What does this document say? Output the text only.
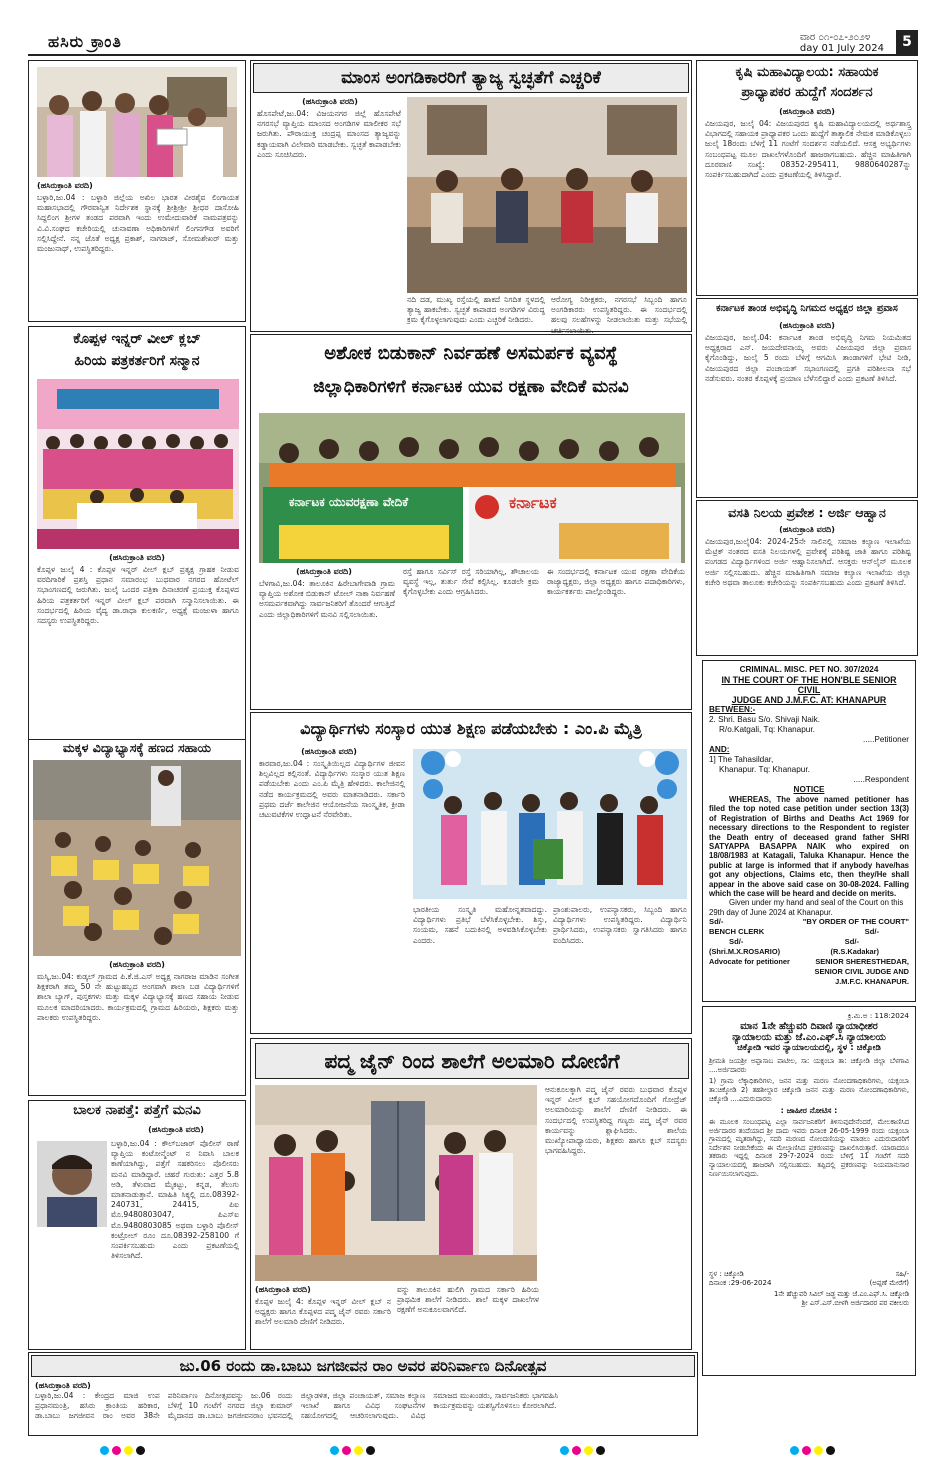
ಹಸಿರು ಕ್ರಾಂತಿ	ವಾರ ೦೧-೦೭-೨೦೨೪
day 01 July 2024	5
(ಹಸಿರುಕ್ರಾಂತಿ ವರದಿ)
ಬಳ್ಳಾರಿ,ಜು.04 : ಬಳ್ಳಾರಿ ಜಿಲ್ಲೆಯ ಅಖಿಲ ಭಾರತ ವೀರಶೈವ ಲಿಂಗಾಯತ ಮಹಾಸಭಾದಲ್ಲಿ ಗೌರವಾನ್ವಿತ ನಿರ್ದೇಶಕ ಸ್ಥಾನಕ್ಕೆ ಶ್ರೀಶ್ರೀಶ್ರೀ ಶ್ರೀಧರ ದಾಸೋಹಿ ಸಿದ್ದಲಿಂಗ ಶ್ರೀಗಳ ತಂಡದ ಪರವಾಗಿ ಇಂದು ಉಮೇದುವಾರಿಕೆ ನಾಮಪತ್ರವನ್ನು ವಿ.ವಿ.ಸಂಘದ ಕಚೇರಿಯಲ್ಲಿ ಚುನಾವಣಾ ಅಧಿಕಾರಿಗಳಿಗೆ ಲಿಂಗನಗೌಡ ಅವರಿಗೆ ಸಲ್ಲಿಸಿದ್ದೇನೆ. ನನ್ನ ಜೊತೆ ಅಧ್ಯಕ್ಷ ಪ್ರಕಾಶ್, ನಾಗರಾಜ್, ಸೋಮಶೇಖರ್ ಮತ್ತು ಮಂಜುನಾಥ್, ಉಪಸ್ಥಿತರಿದ್ದರು.
ಕೊಪ್ಪಳ ಇನ್ನರ್ ವೀಲ್ ಕ್ಲಬ್
ಹಿರಿಯ ಪತ್ರಕರ್ತರಿಗೆ ಸನ್ಮಾನ
(ಹಸಿರುಕ್ರಾಂತಿ ವರದಿ)
ಕೊಪ್ಪಳ ಜುಲೈ 4 : ಕೊಪ್ಪಳ ಇನ್ನರ್ ವೀಲ್ ಕ್ಲಬ್ ಪ್ರತ್ಯಕ್ಷ ಗ್ರಾಹಕ ನೀಡುವ ವರದಿಗಾರಿಕೆ ಪ್ರಶಸ್ತಿ ಪ್ರಧಾನ ಸಮಾರಂಭ ಬುಧವಾರ ನಗರದ ಹೋಟೆಲ್ ಸಭಾಂಗಣದಲ್ಲಿ ಜರುಗಿತು. ಜುಲೈ ಒಂದರ ಪತ್ರಿಕಾ ದಿನಾಚರಣೆ ಪ್ರಯುಕ್ತ ಕೊಪ್ಪಳದ ಹಿರಿಯ ಪತ್ರಕರ್ತರಿಗೆ ಇನ್ನರ್ ವೀಲ್ ಕ್ಲಬ್ ಪರವಾಗಿ ಸನ್ಮಾನಿಸಲಾಯಿತು. ಈ ಸಂದರ್ಭದಲ್ಲಿ ಹಿರಿಯ ವೈದ್ಯ ಡಾ.ರಾಧಾ ಕುಲಕರ್ಣಿ, ಅಧ್ಯಕ್ಷೆ ಮಂಜುಳಾ ಹಾಗೂ ಸದಸ್ಯರು ಉಪಸ್ಥಿತರಿದ್ದರು.
ಮಕ್ಕಳ ವಿದ್ಯಾಭ್ಯಾಸಕ್ಕೆ ಹಣದ ಸಹಾಯ
(ಹಸಿರುಕ್ರಾಂತಿ ವರದಿ)
ಮಸ್ಕಿ,ಜು.04: ಕುಡ್ಕಲ್ ಗ್ರಾಮದ ಪಿ.ಕೆ.ಜಿ.ಎಸ್ ಅಧ್ಯಕ್ಷ ನಾಗರಾಜ ಮಾಡಿನ ಸಂಗೀತ ಶಿಕ್ಷಕರಾಗಿ ತಮ್ಮ 50 ನೇ ಹುಟ್ಟುಹಬ್ಬದ ಅಂಗವಾಗಿ ಶಾಲಾ ಬಡ ವಿದ್ಯಾರ್ಥಿಗಳಿಗೆ ಶಾಲಾ ಬ್ಯಾಗ್, ಪುಸ್ತಕಗಳು ಮತ್ತು ಮಕ್ಕಳ ವಿದ್ಯಾಭ್ಯಾಸಕ್ಕೆ ಹಣದ ಸಹಾಯ ನೀಡುವ ಮೂಲಕ ಮಾದರಿಯಾದರು. ಕಾರ್ಯಕ್ರಮದಲ್ಲಿ ಗ್ರಾಮದ ಹಿರಿಯರು, ಶಿಕ್ಷಕರು ಮತ್ತು ಪಾಲಕರು ಉಪಸ್ಥಿತರಿದ್ದರು.
ಬಾಲಕ ನಾಪತ್ತೆ: ಪತ್ತೆಗೆ ಮನವಿ
(ಹಸಿರುಕ್ರಾಂತಿ ವರದಿ)
ಬಳ್ಳಾರಿ,ಜು.04 : ಕೌಲ್‌ಬಜಾರ್ ಪೊಲೀಸ್ ಠಾಣೆ ವ್ಯಾಪ್ತಿಯ ಕಂಟೋನ್ಮೆಂಟ್ ನ ನಿವಾಸಿ ಬಾಲಕ ಕಾಣೆಯಾಗಿದ್ದು, ಪತ್ತೆಗೆ ಸಹಕರಿಸಲು ಪೊಲೀಸರು ಮನವಿ ಮಾಡಿದ್ದಾರೆ. ಚಹರೆ ಗುರುತು: ಎತ್ತರ 5.8 ಅಡಿ, ತೆಳುವಾದ ಮೈಕಟ್ಟು, ಕನ್ನಡ, ತೆಲುಗು ಮಾತನಾಡುತ್ತಾನೆ. ಮಾಹಿತಿ ಸಿಕ್ಕಲ್ಲಿ ದೂ.08392-240731, 24415, ಪಿಐ ಮೊ.9480803047, ಪಿಎಸ್ಐ ಮೊ.9480803085 ಅಥವಾ ಬಳ್ಳಾರಿ ಪೊಲೀಸ್ ಕಂಟ್ರೋಲ್ ರೂಂ ದೂ.08392-258100 ಗೆ ಸಂಪರ್ಕಿಸಬಹುದು ಎಂದು ಪ್ರಕಟಣೆಯಲ್ಲಿ ತಿಳಿಸಲಾಗಿದೆ.
ಮಾಂಸ ಅಂಗಡಿಕಾರರಿಗೆ ತ್ಯಾಜ್ಯ ಸ್ವಚ್ಛತೆಗೆ ಎಚ್ಚರಿಕೆ
(ಹಸಿರುಕ್ರಾಂತಿ ವರದಿ)
ಹೊಸಪೇಟೆ,ಜು.04: ವಿಜಯನಗರ ಜಿಲ್ಲೆ ಹೊಸಪೇಟೆ ನಗರಸಭೆ ವ್ಯಾಪ್ತಿಯ ಮಾಂಸದ ಅಂಗಡಿಗಳ ಮಾಲೀಕರ ಸಭೆ ಜರುಗಿತು. ಪೌರಾಯುಕ್ತ ಚಂದ್ರಪ್ಪ ಮಾಂಸದ ತ್ಯಾಜ್ಯವನ್ನು ಕಡ್ಡಾಯವಾಗಿ ವಿಲೇವಾರಿ ಮಾಡಬೇಕು. ಸ್ವಚ್ಛತೆ ಕಾಪಾಡಬೇಕು ಎಂದು ಸೂಚಿಸಿದರು.
ನದಿ ದಡ, ಮುಖ್ಯ ರಸ್ತೆಯಲ್ಲಿ ಹಾಕದೆ ನಿಗದಿತ ಸ್ಥಳದಲ್ಲಿ ತ್ಯಾಜ್ಯ ಹಾಕಬೇಕು. ಸ್ವಚ್ಛತೆ ಕಾಪಾಡದ ಅಂಗಡಿಗಳ ವಿರುದ್ಧ ಕ್ರಮ ಕೈಗೊಳ್ಳಲಾಗುವುದು ಎಂದು ಎಚ್ಚರಿಕೆ ನೀಡಿದರು.
ಆರೋಗ್ಯ ನಿರೀಕ್ಷಕರು, ನಗರಸಭೆ ಸಿಬ್ಬಂದಿ ಹಾಗೂ ಅಂಗಡಿಕಾರರು ಉಪಸ್ಥಿತರಿದ್ದರು. ಈ ಸಂದರ್ಭದಲ್ಲಿ ಹಲವು ಸಲಹೆಗಳನ್ನು ನೀಡಲಾಯಿತು ಮತ್ತು ಸಭೆಯಲ್ಲಿ ಚರ್ಚಿಸಲಾಯಿತು.
ಅಶೋಕ ಬಿಡುಕಾನ್ ನಿರ್ವಹಣೆ ಅಸಮರ್ಪಕ ವ್ಯವಸ್ಥೆ
ಜಿಲ್ಲಾಧಿಕಾರಿಗಳಿಗೆ ಕರ್ನಾಟಕ ಯುವ ರಕ್ಷಣಾ ವೇದಿಕೆ ಮನವಿ
ಕರ್ನಾಟಕ ಯುವರಕ್ಷಣಾ ವೇದಿಕೆ	ಕರ್ನಾಟಕ
(ಹಸಿರುಕ್ರಾಂತಿ ವರದಿ)
ಬೆಳಗಾವಿ,ಜು.04: ತಾಲೂಕಿನ ಹಿರೇಬಾಗೇವಾಡಿ ಗ್ರಾಮ ವ್ಯಾಪ್ತಿಯ ಅಶೋಕ ಬಿಡುಕಾನ್ ಟೋಲ್ ನಾಕಾ ನಿರ್ವಹಣೆ ಅಸಮರ್ಪಕವಾಗಿದ್ದು ಸಾರ್ವಜನಿಕರಿಗೆ ತೊಂದರೆ ಆಗುತ್ತಿದೆ ಎಂದು ಜಿಲ್ಲಾಧಿಕಾರಿಗಳಿಗೆ ಮನವಿ ಸಲ್ಲಿಸಲಾಯಿತು.
ರಸ್ತೆ ಹಾಗೂ ಸರ್ವಿಸ್ ರಸ್ತೆ ಸರಿಯಾಗಿಲ್ಲ, ಶೌಚಾಲಯ ವ್ಯವಸ್ಥೆ ಇಲ್ಲ, ತುರ್ತು ಸೇವೆ ಕಲ್ಪಿಸಿಲ್ಲ. ಕೂಡಲೇ ಕ್ರಮ ಕೈಗೊಳ್ಳಬೇಕು ಎಂದು ಆಗ್ರಹಿಸಿದರು.
ಈ ಸಂದರ್ಭದಲ್ಲಿ ಕರ್ನಾಟಕ ಯುವ ರಕ್ಷಣಾ ವೇದಿಕೆಯ ರಾಜ್ಯಾಧ್ಯಕ್ಷರು, ಜಿಲ್ಲಾ ಅಧ್ಯಕ್ಷರು ಹಾಗೂ ಪದಾಧಿಕಾರಿಗಳು, ಕಾರ್ಯಕರ್ತರು ಪಾಲ್ಗೊಂಡಿದ್ದರು.
ವಿದ್ಯಾರ್ಥಿಗಳು ಸಂಸ್ಕಾರ ಯುತ ಶಿಕ್ಷಣ ಪಡೆಯಬೇಕು : ಎಂ.ಪಿ ಮೈತ್ರಿ
(ಹಸಿರುಕ್ರಾಂತಿ ವರದಿ)
ಕಾರವಾರ,ಜು.04 : ಸಂಸ್ಕೃತಿಯಿಲ್ಲದ ವಿದ್ಯಾರ್ಥಿಗಳ ಜೀವನ ಶಿಲ್ಪವಿಲ್ಲದ ಕಲ್ಲಿನಂತೆ. ವಿದ್ಯಾರ್ಥಿಗಳು ಸಂಸ್ಕಾರ ಯುತ ಶಿಕ್ಷಣ ಪಡೆಯಬೇಕು ಎಂದು ಎಂ.ಪಿ ಮೈತ್ರಿ ಹೇಳಿದರು. ಕಾಲೇಜಿನಲ್ಲಿ ನಡೆದ ಕಾರ್ಯಕ್ರಮದಲ್ಲಿ ಅವರು ಮಾತನಾಡಿದರು. ಸರ್ಕಾರಿ ಪ್ರಥಮ ದರ್ಜೆ ಕಾಲೇಜಿನ ಆಯೋಜನೆಯ ಸಾಂಸ್ಕೃತಿಕ, ಕ್ರೀಡಾ ಚಟುವಟಿಕೆಗಳ ಉದ್ಘಾಟನೆ ನೆರವೇರಿತು.
ಭಾರತೀಯ ಸಂಸ್ಕೃತಿ ಮಹೋನ್ನತವಾದದ್ದು. ವಿದ್ಯಾರ್ಥಿಗಳು ಪ್ರತಿಭೆ ಬೆಳೆಸಿಕೊಳ್ಳಬೇಕು. ಶಿಸ್ತು, ಸಂಯಮ, ಸಹನೆ ಬದುಕಿನಲ್ಲಿ ಅಳವಡಿಸಿಕೊಳ್ಳಬೇಕು ಎಂದರು.
ಪ್ರಾಂಶುಪಾಲರು, ಉಪನ್ಯಾಸಕರು, ಸಿಬ್ಬಂದಿ ಹಾಗೂ ವಿದ್ಯಾರ್ಥಿಗಳು ಉಪಸ್ಥಿತರಿದ್ದರು. ವಿದ್ಯಾರ್ಥಿನಿ ಪ್ರಾರ್ಥಿಸಿದರು, ಉಪನ್ಯಾಸಕರು ಸ್ವಾಗತಿಸಿದರು ಹಾಗೂ ವಂದಿಸಿದರು.
ಪದ್ಮ ಜೈನ್ ರಿಂದ ಶಾಲೆಗೆ ಅಲಮಾರಿ ದೋಣಿಗೆ
ಆನುಕೂಲಕ್ಕಾಗಿ ಪದ್ಮ ಜೈನ್ ರವರು ಬುಧವಾರ ಕೊಪ್ಪಳ ಇನ್ನರ್ ವೀಲ್ ಕ್ಲಬ್ ಸಹಯೋಗದೊಂದಿಗೆ ಗೋದ್ರೆಜ್ ಅಲಮಾರಿಯನ್ನು ಶಾಲೆಗೆ ದೇಣಿಗೆ ನೀಡಿದರು. ಈ ಸಂದರ್ಭದಲ್ಲಿ ಉಪಸ್ಥಿತರಿದ್ದ ಗಣ್ಯರು ಪದ್ಮ ಜೈನ್ ರವರ ಕಾರ್ಯವನ್ನು ಶ್ಲಾಘಿಸಿದರು. ಶಾಲೆಯ ಮುಖ್ಯೋಪಾಧ್ಯಾಯರು, ಶಿಕ್ಷಕರು ಹಾಗೂ ಕ್ಲಬ್ ಸದಸ್ಯರು ಭಾಗವಹಿಸಿದ್ದರು.
(ಹಸಿರುಕ್ರಾಂತಿ ವರದಿ)
ಕೊಪ್ಪಳ ಜುಲೈ 4: ಕೊಪ್ಪಳ ಇನ್ನರ್ ವೀಲ್ ಕ್ಲಬ್ ನ ಅಧ್ಯಕ್ಷರು ಹಾಗೂ ಕೊಪ್ಪಳದ ಪದ್ಮ ಜೈನ್ ರವರು ಸರ್ಕಾರಿ ಶಾಲೆಗೆ ಅಲಮಾರಿ ದೇಣಿಗೆ ನೀಡಿದರು.
ವನ್ನು ತಾಲೂಕಿನ ಹುಲಿಗಿ ಗ್ರಾಮದ ಸರ್ಕಾರಿ ಹಿರಿಯ ಪ್ರಾಥಮಿಕ ಶಾಲೆಗೆ ನೀಡಿದರು. ಶಾಲೆ ಮಕ್ಕಳ ದಾಖಲೆಗಳ ರಕ್ಷಣೆಗೆ ಅನುಕೂಲವಾಗಲಿದೆ.
ಕೃಷಿ ಮಹಾವಿದ್ಯಾಲಯ: ಸಹಾಯಕ
ಪ್ರಾಧ್ಯಾಪಕರ ಹುದ್ದೆಗೆ ಸಂದರ್ಶನ
(ಹಸಿರುಕ್ರಾಂತಿ ವರದಿ)
ವಿಜಯಪುರ, ಜುಲೈ 04: ವಿಜಯಪುರದ ಕೃಷಿ ಮಹಾವಿದ್ಯಾಲಯದಲ್ಲಿ ಅರ್ಥಶಾಸ್ತ್ರ ವಿಭಾಗದಲ್ಲಿ ಸಹಾಯಕ ಪ್ರಾಧ್ಯಾಪಕರ ಒಂದು ಹುದ್ದೆಗೆ ತಾತ್ಕಾಲಿಕ ನೇಮಕ ಮಾಡಿಕೊಳ್ಳಲು ಜುಲೈ 18ರಂದು ಬೆಳಿಗ್ಗೆ 11 ಗಂಟೆಗೆ ಸಂದರ್ಶನ ನಡೆಯಲಿದೆ. ಆಸಕ್ತ ಅಭ್ಯರ್ಥಿಗಳು ಸಂಬಂಧಪಟ್ಟ ಮೂಲ ದಾಖಲೆಗಳೊಂದಿಗೆ ಹಾಜರಾಗಬಹುದು. ಹೆಚ್ಚಿನ ಮಾಹಿತಿಗಾಗಿ ದೂರವಾಣಿ ಸಂಖ್ಯೆ: 08352-295411, 9880640287ನ್ನು ಸಂಪರ್ಕಿಸಬಹುದಾಗಿದೆ ಎಂದು ಪ್ರಕಟಣೆಯಲ್ಲಿ ತಿಳಿಸಿದ್ದಾರೆ.
ಕರ್ನಾಟಕ ತಾಂಡ ಅಭಿವೃದ್ಧಿ ನಿಗಮದ ಅಧ್ಯಕ್ಷರ ಜಿಲ್ಲಾ ಪ್ರವಾಸ
(ಹಸಿರುಕ್ರಾಂತಿ ವರದಿ)
ವಿಜಯಪುರ, ಜುಲೈ.04: ಕರ್ನಾಟಕ ತಾಂಡ ಅಭಿವೃದ್ಧಿ ನಿಗಮ ನಿಯಮಿತದ ಅಧ್ಯಕ್ಷರಾದ ಎನ್. ಜಯದೇವನಾಯ್ಕ ಅವರು ವಿಜಯಪುರ ಜಿಲ್ಲಾ ಪ್ರವಾಸ ಕೈಗೊಂಡಿದ್ದು, ಜುಲೈ 5 ರಂದು ಬೆಳಿಗ್ಗೆ ಆಗಮಿಸಿ ತಾಂಡಾಗಳಿಗೆ ಭೇಟಿ ನೀಡಿ, ವಿಜಯಪುರದ ಜಿಲ್ಲಾ ಪಂಚಾಯತ್ ಸಭಾಂಗಣದಲ್ಲಿ ಪ್ರಗತಿ ಪರಿಶೀಲನಾ ಸಭೆ ನಡೆಸುವರು. ನಂತರ ಕೊಪ್ಪಳಕ್ಕೆ ಪ್ರಯಾಣ ಬೆಳೆಸಲಿದ್ದಾರೆ ಎಂದು ಪ್ರಕಟಣೆ ತಿಳಿಸಿದೆ.
ವಸತಿ ನಿಲಯ ಪ್ರವೇಶ : ಅರ್ಜಿ ಆಹ್ವಾನ
(ಹಸಿರುಕ್ರಾಂತಿ ವರದಿ)
ವಿಜಯಪುರ,ಜುಲೈ04: 2024-25ನೇ ಸಾಲಿನಲ್ಲಿ ಸಮಾಜ ಕಲ್ಯಾಣ ಇಲಾಖೆಯ ಮೆಟ್ರಿಕ್ ನಂತರದ ವಸತಿ ನಿಲಯಗಳಲ್ಲಿ ಪ್ರವೇಶಕ್ಕೆ ಪರಿಶಿಷ್ಟ ಜಾತಿ ಹಾಗೂ ಪರಿಶಿಷ್ಟ ಪಂಗಡದ ವಿದ್ಯಾರ್ಥಿಗಳಿಂದ ಅರ್ಜಿ ಆಹ್ವಾನಿಸಲಾಗಿದೆ. ಆಸಕ್ತರು ಆನ್‌ಲೈನ್ ಮೂಲಕ ಅರ್ಜಿ ಸಲ್ಲಿಸಬಹುದು. ಹೆಚ್ಚಿನ ಮಾಹಿತಿಗಾಗಿ ಸಮಾಜ ಕಲ್ಯಾಣ ಇಲಾಖೆಯ ಜಿಲ್ಲಾ ಕಚೇರಿ ಅಥವಾ ತಾಲೂಕು ಕಚೇರಿಯನ್ನು ಸಂಪರ್ಕಿಸಬಹುದು ಎಂದು ಪ್ರಕಟಣೆ ತಿಳಿಸಿದೆ.
CRIMINAL. MISC. PET NO. 307/2024
IN THE COURT OF THE HON'BLE SENIOR CIVIL
JUDGE AND J.M.F.C. AT: KHANAPUR
BETWEEN:-
2. Shri. Basu S/o. Shivaji Naik.
R/o.Katgali, Tq: Khanapur.
.....Petitioner
AND:
1] The Tahasildar,
Khanapur. Tq: Khanapur.
.....Respondent
NOTICE
WHEREAS, The above named petitioner has filed the top noted case petition under section 13(3) of Registration of Births and Deaths Act 1969 for necessary directions to the Respondent to register the Death entry of deceased grand father SHRI SATYAPPA BASAPPA NAIK who expired on 18/08/1983 at Katagali, Taluka Khanapur. Hence the public at large is informed that if anybody have/has got any objections, Claims etc, then they/He shall appear in the above said case on 30-08-2024. Falling which the case will be heard and decide on merits.
Given under my hand and seal of the Court on this 29th day of June 2024 at Khanapur.
Sd/-	"BY ORDER OF THE COURT"
BENCH CLERK	Sd/-
Sd/-	Sd/-
(Shri.M.X.ROSARIO)	(R.S.Kadakar)
Advocate for petitioner	SENIOR SHERESTHEDAR,
SENIOR CIVIL JUDGE AND
J.M.F.C. KHANAPUR.
ಕ್ರಿ.ಮಿ.ಅ : 118:2024
ಮಾನ 1ನೇ ಹೆಚ್ಚುವರಿ ದಿವಾಣಿ ನ್ಯಾಯಾಧೀಶರ
ನ್ಯಾಯಾಲಯ ಮತ್ತು ಜೆ.ಎಂ.ಎಫ್.ಸಿ ನ್ಯಾಯಾಲಯ
ಚಿಕ್ಕೋಡಿ ಇವರ ನ್ಯಾಯಾಲಯದಲ್ಲಿ, ಸ್ಥಳ : ಚಿಕ್ಕೋಡಿ
ಶ್ರೀಮತಿ ಜಯಶ್ರೀ ಅಪ್ಪಾಸಾಬ ಪಾಟೀಲ, ಸಾ: ಯಕ್ಸಂಬಾ ತಾ: ಚಿಕ್ಕೋಡಿ ಜಿಲ್ಲಾ ಬೆಳಗಾವಿ ....ಅರ್ಜಿದಾರರು
1) ಗ್ರಾಮ ಲೆಕ್ಕಾಧಿಕಾರಿಗಳು, ಜನನ ಮತ್ತು ಮರಣ ನೋಂದಣಾಧಿಕಾರಿಗಳು, ಯಕ್ಸಂಬಾ ತಾ:ಚಿಕ್ಕೋಡಿ 2) ತಹಶೀಲ್ದಾರ ಚಿಕ್ಕೋಡಿ ಜನನ ಮತ್ತು ಮರಣ ನೋಂದಣಾಧಿಕಾರಿಗಳು, ಚಿಕ್ಕೋಡಿ ....ಎದುರುದಾರರು
: ಜಾಹೀರ ನೋಟಿಸ :
ಈ ಮೂಲಕ ಸಂಬಂಧಪಟ್ಟ ಎಲ್ಲಾ ಸಾರ್ವಜನಿಕರಿಗೆ ತಿಳಿಸುವುದೇನೆಂದರೆ, ಮೇಲಕಾಣಿಸಿದ ಅರ್ಜಿದಾರರ ತಂದೆಯಾದ ಶ್ರೀ ದಾದು ಇವರು ದಿನಾಂಕ 26-05-1999 ರಂದು ಯಕ್ಸಂಬಾ ಗ್ರಾಮದಲ್ಲಿ ಮೃತರಾಗಿದ್ದು, ಸದರಿ ಮರಣದ ನೋಂದಣಿಯನ್ನು ಮಾಡಲು ಎದುರುದಾರರಿಗೆ ನಿರ್ದೇಶನ ನೀಡಬೇಕೆಂದು ಈ ಮೇಲ್ಕಾಣಿಸಿದ ಪ್ರಕರಣವನ್ನು ದಾಖಲಿಸಿರುತ್ತಾರೆ. ಯಾರಾದರೂ ತಕರಾರು ಇದ್ದಲ್ಲಿ ದಿನಾಂಕ 29-7-2024 ರಂದು ಬೆಳಿಗ್ಗೆ 11 ಗಂಟೆಗೆ ಸದರಿ ನ್ಯಾಯಾಲಯದಲ್ಲಿ ಹಾಜರಾಗಿ ಸಲ್ಲಿಸಬಹುದು. ತಪ್ಪಿದಲ್ಲಿ ಪ್ರಕರಣವನ್ನು ನಿಯಮಾನುಸಾರ ನಿರ್ಣಯಿಸಲಾಗುವುದು.
ಸ್ಥಳ : ಚಿಕ್ಕೋಡಿ	ಸಹಿ/-
ದಿನಾಂಕ :29-06-2024	(ಅಪ್ಪಣೆ ಮೇರೆಗೆ)
1ನೇ ಹೆಚ್ಚುವರಿ ಸಿವಿಲ್ ಜಡ್ಜ ಮತ್ತು ಜೆ.ಎಂ.ಎಫ್.ಸಿ. ಚಿಕ್ಕೋಡಿ
ಶ್ರೀ ಎಸ್.ಎಸ್.ಬೀಳಗಿ ಅರ್ಜಿದಾರರ ಪರ ವಕೀಲರು
ಜು.06 ರಂದು ಡಾ.ಬಾಬು ಜಗಜೀವನ ರಾಂ ಅವರ ಪರಿನಿರ್ವಾಣ ದಿನೋತ್ಸವ
(ಹಸಿರುಕ್ರಾಂತಿ ವರದಿ)
ಬಳ್ಳಾರಿ,ಜು.04 : ಕೇಂದ್ರದ ಮಾಜಿ ಉಪ ಪ್ರಧಾನಮಂತ್ರಿ, ಹಸಿರು ಕ್ರಾಂತಿಯ ಹರಿಕಾರ, ಡಾ.ಬಾಬು ಜಗಜೀವನ ರಾಂ ಅವರ 38ನೇ ಪರಿನಿರ್ವಾಣ ದಿನೋತ್ಸವವನ್ನು ಜು.06 ರಂದು ಬೆಳಿಗ್ಗೆ 10 ಗಂಟೆಗೆ ನಗರದ ಜಿಲ್ಲಾ ಕುಮಾರ್ ಮೈದಾನದ ಡಾ.ಬಾಬು ಜಗಜೀವನರಾಂ ಭವನದಲ್ಲಿ ಜಿಲ್ಲಾಡಳಿತ, ಜಿಲ್ಲಾ ಪಂಚಾಯತ್, ಸಮಾಜ ಕಲ್ಯಾಣ ಇಲಾಖೆ ಹಾಗೂ ವಿವಿಧ ಸಂಘಟನೆಗಳ ಸಹಯೋಗದಲ್ಲಿ ಆಚರಿಸಲಾಗುವುದು. ವಿವಿಧ ಸಮಾಜದ ಮುಖಂಡರು, ಸಾರ್ವಜನಿಕರು ಭಾಗವಹಿಸಿ ಕಾರ್ಯಕ್ರಮವನ್ನು ಯಶಸ್ವಿಗೊಳಿಸಲು ಕೋರಲಾಗಿದೆ.
